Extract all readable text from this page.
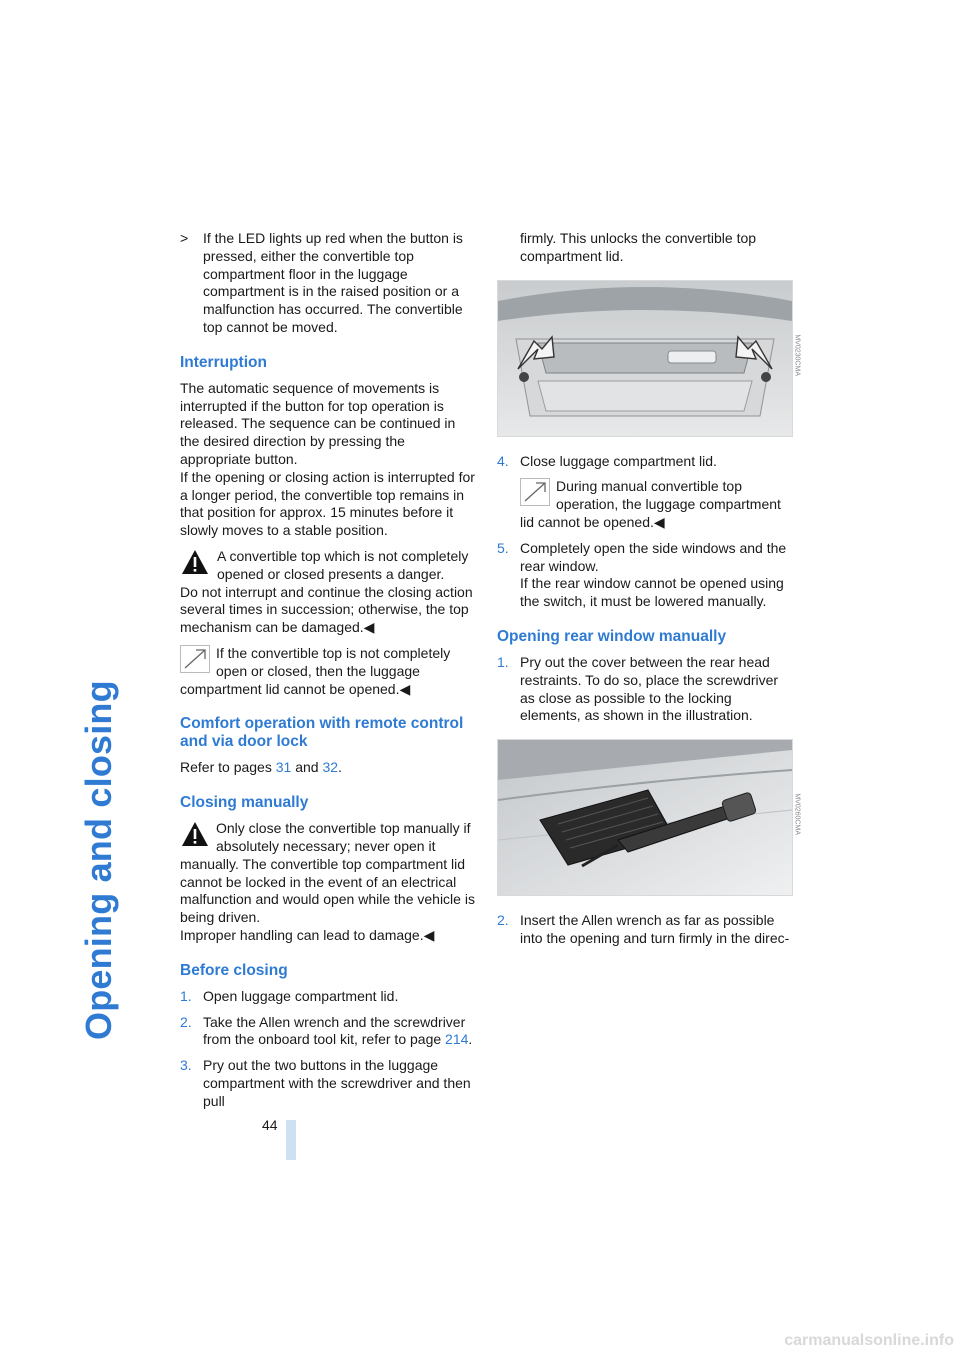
Opening and closing
44
> If the LED lights up red when the button is pressed, either the convertible top compartment floor in the luggage compartment is in the raised position or a malfunction has occurred. The convertible top cannot be moved.
Interruption

The automatic sequence of movements is interrupted if the button for top operation is released. The sequence can be continued in the desired direction by pressing the appropriate button.

If the opening or closing action is interrupted for a longer period, the convertible top remains in that position for approx. 15 minutes before it slowly moves to a stable position.

A convertible top which is not completely opened or closed presents a danger.
Do not interrupt and continue the closing action several times in succession; otherwise, the top mechanism can be damaged.◀
If the convertible top is not completely open or closed, then the luggage compartment lid cannot be opened.◀
Comfort operation with remote control and via door lock

Refer to pages 31 and 32.

Closing manually
Only close the convertible top manually if absolutely necessary; never open it manually. The convertible top compartment lid cannot be locked in the event of an electrical malfunction and would open while the vehicle is being driven.
Improper handling can lead to damage.◀
Before closing
1. Open luggage compartment lid.
2. Take the Allen wrench and the screwdriver from the onboard tool kit, refer to page 214.
3. Pry out the two buttons in the luggage compartment with the screwdriver and then pull

firmly. This unlocks the convertible top compartment lid.

MV0230CMA
4. Close luggage compartment lid.
During manual convertible top operation, the luggage compartment lid cannot be opened.◀
5. Completely open the side windows and the rear window.
If the rear window cannot be opened using the switch, it must be lowered manually.
Opening rear window manually
1. Pry out the cover between the rear head restraints. To do so, place the screwdriver as close as possible to the locking elements, as shown in the illustration.
MV0260CMA
2. Insert the Allen wrench as far as possible into the opening and turn firmly in the direc-
carmanualsonline.info
